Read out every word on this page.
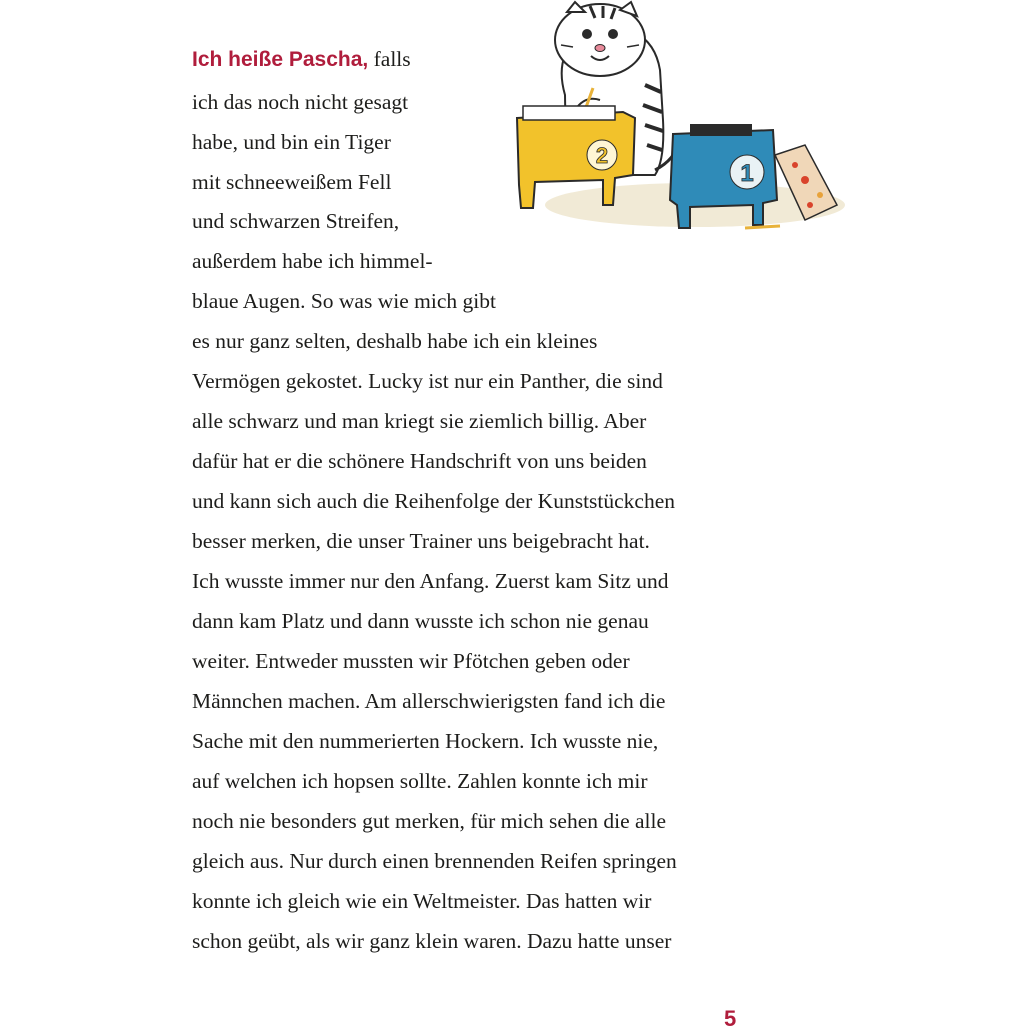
2
1
Ich heiße Pascha, falls
ich das noch nicht gesagt
habe, und bin ein Tiger
mit schneeweißem Fell
und schwarzen Streifen,
außerdem habe ich himmel-
blaue Augen. So was wie mich gibt
es nur ganz selten, deshalb habe ich ein kleines
Vermögen gekostet. Lucky ist nur ein Panther, die sind
alle schwarz und man kriegt sie ziemlich billig. Aber
dafür hat er die schönere Handschrift von uns beiden
und kann sich auch die Reihenfolge der Kunststückchen
besser merken, die unser Trainer uns beigebracht hat.
Ich wusste immer nur den Anfang. Zuerst kam Sitz und
dann kam Platz und dann wusste ich schon nie genau
weiter. Entweder mussten wir Pfötchen geben oder
Männchen machen. Am allerschwierigsten fand ich die
Sache mit den nummerierten Hockern. Ich wusste nie,
auf welchen ich hopsen sollte. Zahlen konnte ich mir
noch nie besonders gut merken, für mich sehen die alle
gleich aus. Nur durch einen brennenden Reifen springen
konnte ich gleich wie ein Weltmeister. Das hatten wir
schon geübt, als wir ganz klein waren. Dazu hatte unser
5
